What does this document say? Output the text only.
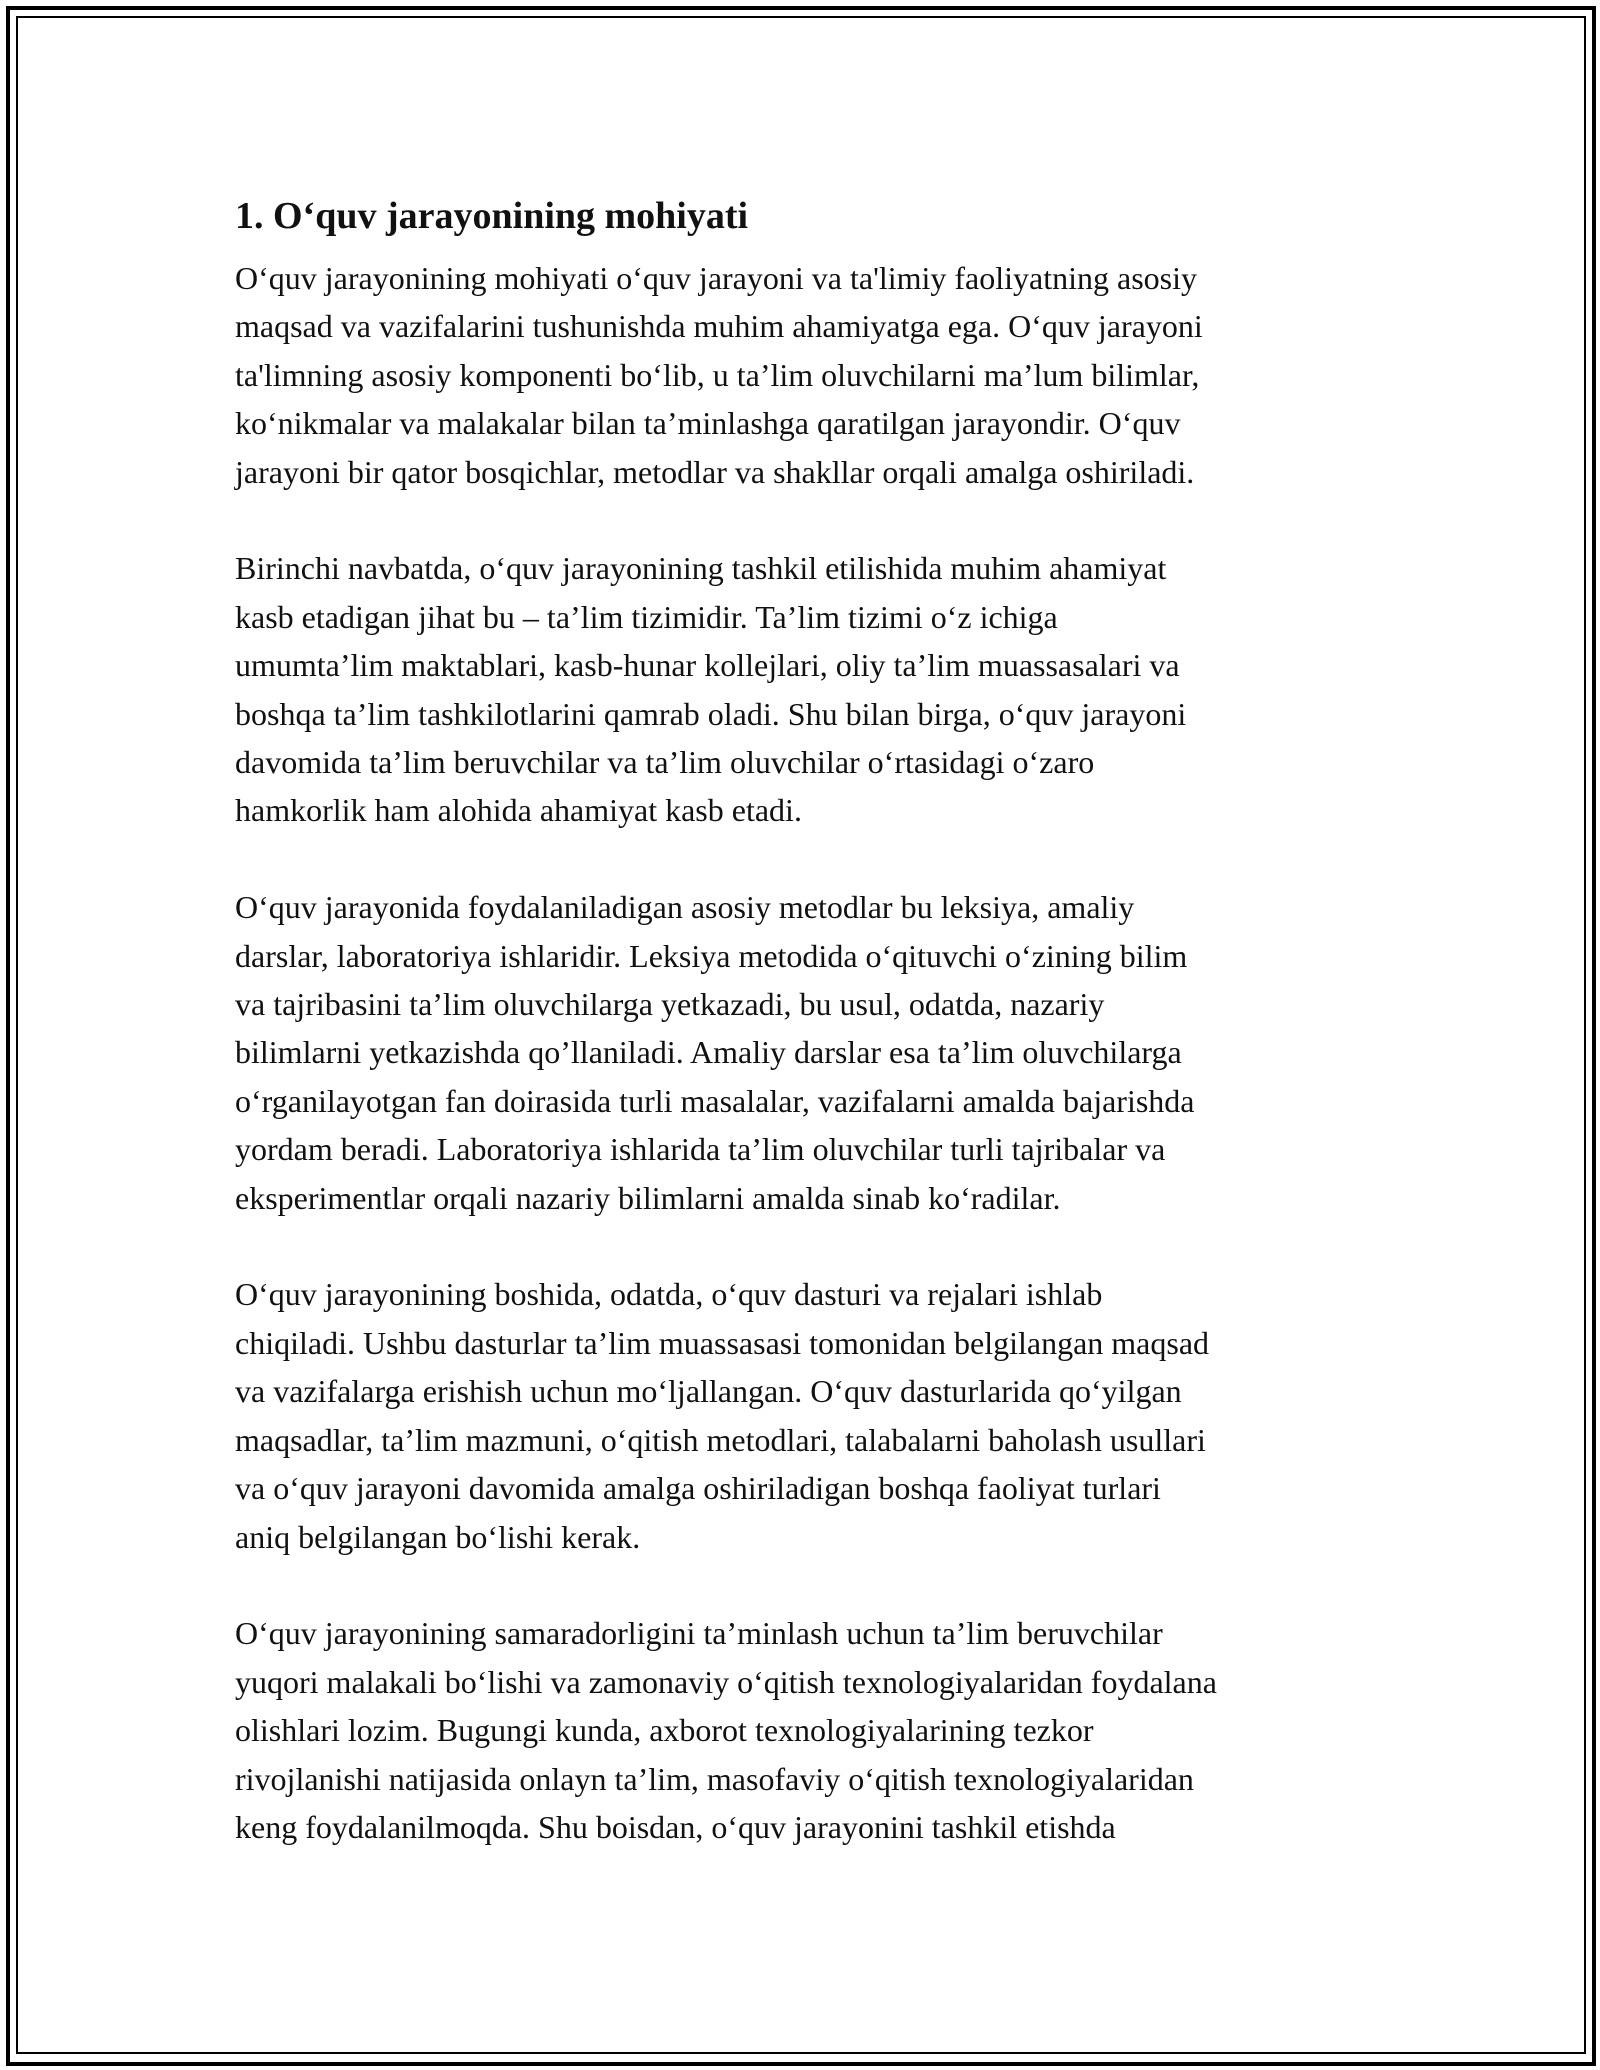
1. O‘quv jarayonining mohiyati
O‘quv jarayonining mohiyati o‘quv jarayoni va ta'limiy faoliyatning asosiy
maqsad va vazifalarini tushunishda muhim ahamiyatga ega. O‘quv jarayoni
ta'limning asosiy komponenti bo‘lib, u ta’lim oluvchilarni ma’lum bilimlar,
ko‘nikmalar va malakalar bilan ta’minlashga qaratilgan jarayondir. O‘quv
jarayoni bir qator bosqichlar, metodlar va shakllar orqali amalga oshiriladi.
Birinchi navbatda, o‘quv jarayonining tashkil etilishida muhim ahamiyat
kasb etadigan jihat bu – ta’lim tizimidir. Ta’lim tizimi o‘z ichiga
umumta’lim maktablari, kasb-hunar kollejlari, oliy ta’lim muassasalari va
boshqa ta’lim tashkilotlarini qamrab oladi. Shu bilan birga, o‘quv jarayoni
davomida ta’lim beruvchilar va ta’lim oluvchilar o‘rtasidagi o‘zaro
hamkorlik ham alohida ahamiyat kasb etadi.
O‘quv jarayonida foydalaniladigan asosiy metodlar bu leksiya, amaliy
darslar, laboratoriya ishlaridir. Leksiya metodida o‘qituvchi o‘zining bilim
va tajribasini ta’lim oluvchilarga yetkazadi, bu usul, odatda, nazariy
bilimlarni yetkazishda qo’llaniladi. Amaliy darslar esa ta’lim oluvchilarga
o‘rganilayotgan fan doirasida turli masalalar, vazifalarni amalda bajarishda
yordam beradi. Laboratoriya ishlarida ta’lim oluvchilar turli tajribalar va
eksperimentlar orqali nazariy bilimlarni amalda sinab ko‘radilar.
O‘quv jarayonining boshida, odatda, o‘quv dasturi va rejalari ishlab
chiqiladi. Ushbu dasturlar ta’lim muassasasi tomonidan belgilangan maqsad
va vazifalarga erishish uchun mo‘ljallangan. O‘quv dasturlarida qo‘yilgan
maqsadlar, ta’lim mazmuni, o‘qitish metodlari, talabalarni baholash usullari
va o‘quv jarayoni davomida amalga oshiriladigan boshqa faoliyat turlari
aniq belgilangan bo‘lishi kerak.
O‘quv jarayonining samaradorligini ta’minlash uchun ta’lim beruvchilar
yuqori malakali bo‘lishi va zamonaviy o‘qitish texnologiyalaridan foydalana
olishlari lozim. Bugungi kunda, axborot texnologiyalarining tezkor
rivojlanishi natijasida onlayn ta’lim, masofaviy o‘qitish texnologiyalaridan
keng foydalanilmoqda. Shu boisdan, o‘quv jarayonini tashkil etishda
